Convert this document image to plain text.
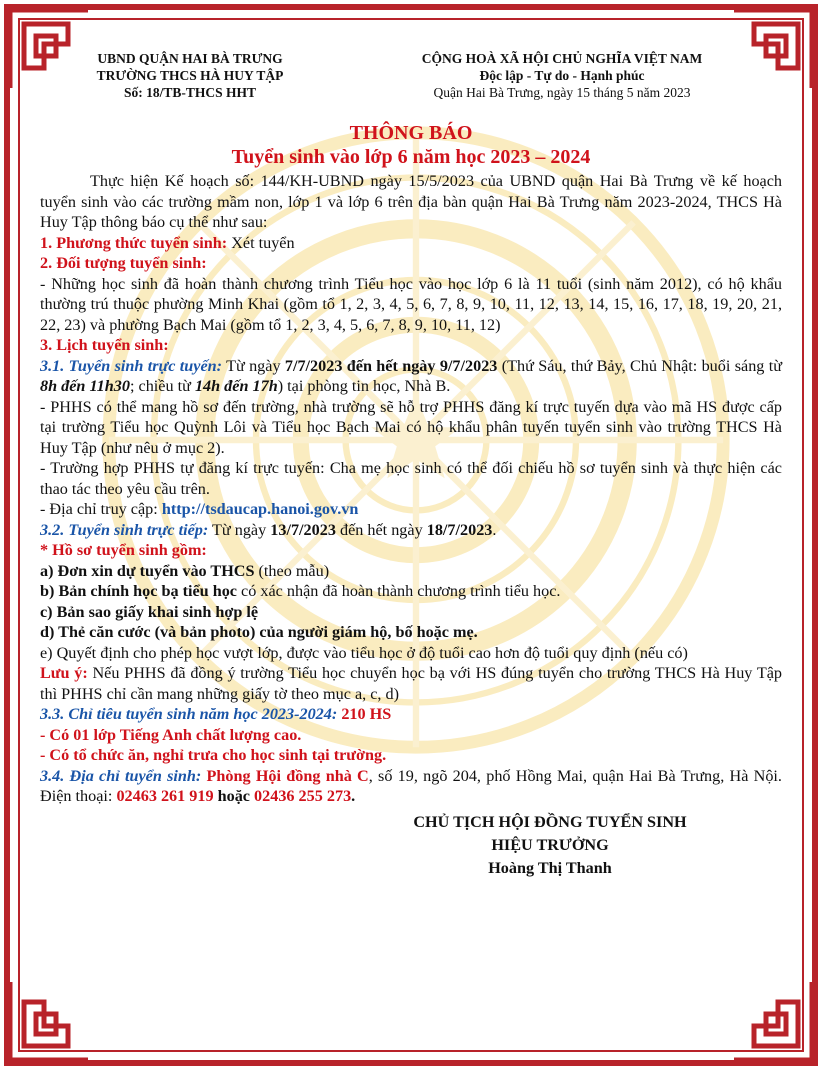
UBND QUẬN HAI BÀ TRƯNG
TRƯỜNG THCS HÀ HUY TẬP
Số: 18/TB-THCS HHT
CỘNG HOÀ XÃ HỘI CHỦ NGHĨA VIỆT NAM
Độc lập - Tự do - Hạnh phúc
Quận Hai Bà Trưng, ngày 15 tháng 5 năm 2023
THÔNG BÁO
Tuyển sinh vào lớp 6 năm học 2023 – 2024

Thực hiện Kế hoạch số: 144/KH-UBND ngày 15/5/2023 của UBND quận Hai Bà Trưng về kế hoạch tuyển sinh vào các trường mầm non, lớp 1 và lớp 6 trên địa bàn quận Hai Bà Trưng năm 2023-2024, THCS Hà Huy Tập thông báo cụ thể như sau:

1. Phương thức tuyển sinh: Xét tuyển

2. Đối tượng tuyển sinh:

- Những học sinh đã hoàn thành chương trình Tiểu học vào học lớp 6 là 11 tuổi (sinh năm 2012), có hộ khẩu thường trú thuộc phường Minh Khai (gồm tổ 1, 2, 3, 4, 5, 6, 7, 8, 9, 10, 11, 12, 13, 14, 15, 16, 17, 18, 19, 20, 21, 22, 23) và phường Bạch Mai (gồm tổ 1, 2, 3, 4, 5, 6, 7, 8, 9, 10, 11, 12)

3. Lịch tuyển sinh:

3.1. Tuyển sinh trực tuyến: Từ ngày 7/7/2023 đến hết ngày 9/7/2023 (Thứ Sáu, thứ Bảy, Chủ Nhật: buổi sáng từ 8h đến 11h30; chiều từ 14h đến 17h) tại phòng tin học, Nhà B.

- PHHS có thể mang hồ sơ đến trường, nhà trường sẽ hỗ trợ PHHS đăng kí trực tuyến dựa vào mã HS được cấp tại trường Tiểu học Quỳnh Lôi và Tiểu học Bạch Mai có hộ khẩu phân tuyến tuyển sinh vào trường THCS Hà Huy Tập (như nêu ở mục 2).

- Trường hợp PHHS tự đăng kí trực tuyến: Cha mẹ học sinh có thể đối chiếu hồ sơ tuyển sinh và thực hiện các thao tác theo yêu cầu trên.

- Địa chỉ truy cập: http://tsdaucap.hanoi.gov.vn

3.2. Tuyển sinh trực tiếp: Từ ngày 13/7/2023 đến hết ngày 18/7/2023.

* Hồ sơ tuyển sinh gồm:

a) Đơn xin dự tuyển vào THCS (theo mẫu)

b) Bản chính học bạ tiểu học có xác nhận đã hoàn thành chương trình tiểu học.

c) Bản sao giấy khai sinh hợp lệ

d) Thẻ căn cước (và bản photo) của người giám hộ, bố hoặc mẹ.

e) Quyết định cho phép học vượt lớp, được vào tiểu học ở độ tuổi cao hơn độ tuổi quy định (nếu có)

Lưu ý: Nếu PHHS đã đồng ý trường Tiểu học chuyển học bạ với HS đúng tuyển cho trường THCS Hà Huy Tập thì PHHS chỉ cần mang những giấy tờ theo mục a, c, d)

3.3. Chỉ tiêu tuyển sinh năm học 2023-2024: 210 HS

- Có 01 lớp Tiếng Anh chất lượng cao.

- Có tổ chức ăn, nghỉ trưa cho học sinh tại trường.

3.4. Địa chỉ tuyển sinh: Phòng Hội đồng nhà C, số 19, ngõ 204, phố Hồng Mai, quận Hai Bà Trưng, Hà Nội. Điện thoại: 02463 261 919 hoặc 02436 255 273.

CHỦ TỊCH HỘI ĐỒNG TUYỂN SINH
HIỆU TRƯỞNG
Hoàng Thị Thanh
